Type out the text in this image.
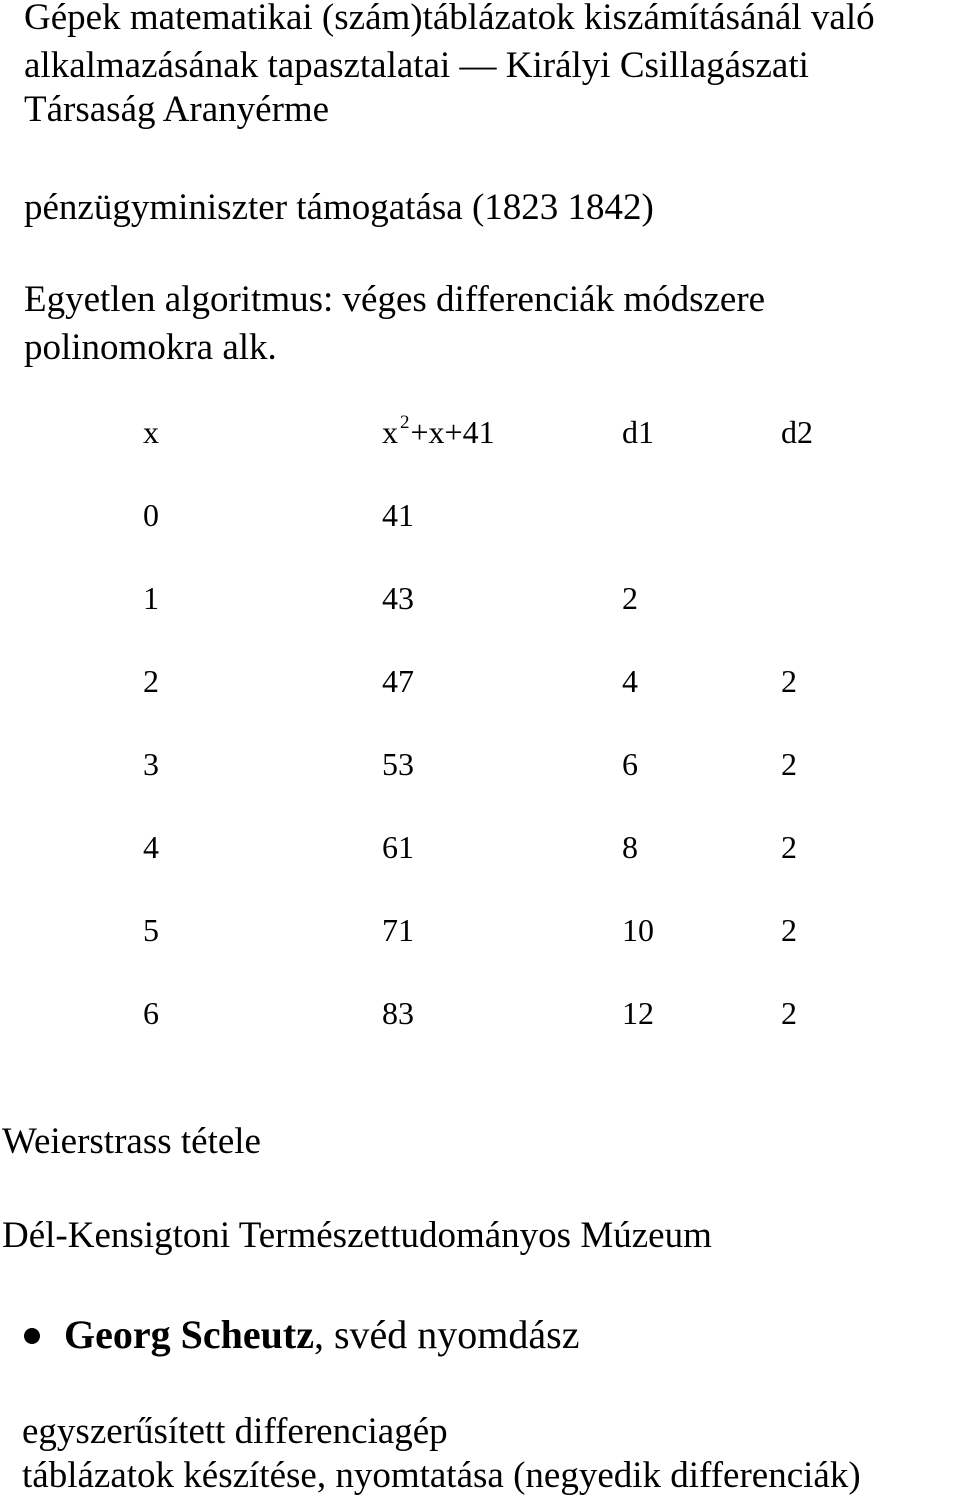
Gépek matematikai (szám)táblázatok kiszámításánál való
alkalmazásának tapasztalatai — Királyi Csillagászati
Társaság Aranyérme
pénzügyminiszter támogatása (1823 1842)
Egyetlen algoritmus: véges differenciák módszere
polinomokra alk.
x	x $^2$+x+41	d1	d2
0	41
1	43	2
2	47	4	2
3	53	6	2
4	61	8	2
5	71	10	2
6	83	12	2
Weierstrass tétele
Dél-Kensigtoni Természettudományos Múzeum
Georg Scheutz, svéd nyomdász
egyszerűsített differenciagép
táblázatok készítése, nyomtatása (negyedik differenciák)
